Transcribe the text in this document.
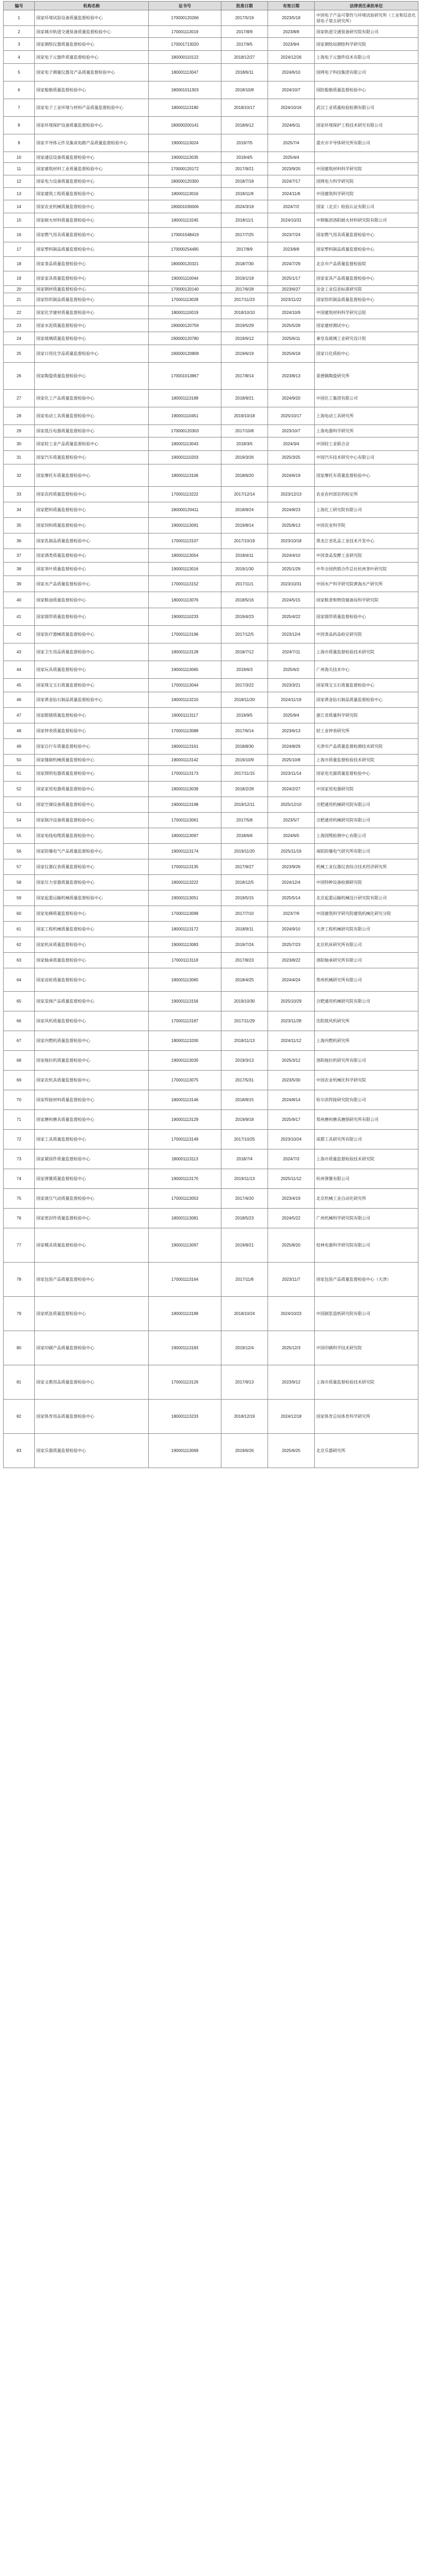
编号	机构名称	证书号	批准日期	有效日期	法律责任承担单位
1	国家环境试验设备质量监督检验中心	170000120266	2017/5/19	2023/5/18	中国电子产品可靠性与环境试验研究所（工业和信息化部电子第五研究所）
2	国家城市轨道交通装备质量监督检验中心	170001113019	2017/8/9	2023/8/8	国家轨道交通装备研究院有限公司
3	国家测绘仪器质量监督检验中心	170001713020	2017/9/5	2023/9/4	国家测绘局测绘科学研究院
4	国家电子元器件质量监督检验中心	180000110122	2018/12/27	2024/12/26	上海电子元器件技术有限公司
5	国家电子测量仪器及产品质量监督检验中心	180001113047	2018/6/11	2024/6/10	国网电子科技集团有限公司
6	国家船舶质量监督检验中心	180001011303	2018/10/8	2024/10/7	国防船舶质量监督检验中心
7	国家电子工业环境与材料产品质量监督检验中心	180001113180	2018/10/17	2024/10/16	武汉工业质量检验检测有限公司
8	国家环境保护设备质量监督检验中心	180000200141	2018/6/12	2024/6/11	国家环境保护工程技术研究有限公司
9	国家半导体元件及集成电路产品质量监督检验中心	190001113024	2019/7/5	2025/7/4	重庆市半导体研究所有限公司
10	国家通信设备质量监督检验中心	190001113035	2019/4/5	2025/4/4	
11	国家建筑材料工业质量监督检验中心	170000120172	2017/9/21	2023/9/20	中国建筑材料科学研究院
12	国家电力设备质量监督检验中心	180000120300	2018/7/18	2024/7/17	国网电力科学研究院
13	国家建筑工程质量监督检验中心	180001113016	2018/11/9	2024/11/8	中国建筑科学研究院
14	国家农业机械质量监督检验中心	180001030006	2024/3/18	2024/7/2	国家（北京）检验认证有限公司
15	国家耐火材料质量监督检验中心	180001113245	2018/11/1	2024/10/31	中钢集团洛阳耐火材料研究院有限公司
16	国家燃气用具质量监督检验中心	170001548419	2017/7/25	2023/7/24	国家燃气用具质量监督检验中心
17	国家塑料制品质量监督检验中心	170000254495	2017/8/9	2023/8/8	国家塑料制品质量监督检验中心
18	国家食品质量监督检验中心	180000120321	2018/7/30	2024/7/29	北京市产品质量监督检验院
19	国家家具质量监督检验中心	190001110044	2019/1/18	2025/1/17	国家家具产品质量监督检验中心
20	国家钢材质量监督检验中心	170000120140	2017/6/28	2023/6/27	冶金工业信息标准研究院
21	国家纺织制品质量监督检验中心	170001113028	2017/11/23	2023/11/22	国家纺织制品质量监督检验中心
22	国家化学建材质量监督检验中心	180001110019	2018/10/10	2024/10/9	中国建筑材料科学研究总院
23	国家水泥质量监督检验中心	190000120759	2019/5/29	2025/5/28	国家建材测试中心
24	国家玻璃质量监督检验中心	190000120780	2019/6/12	2025/6/11	秦皇岛玻璃工业研究设计院
25	国家日用化学品质量监督检验中心	190000120809	2019/6/19	2025/6/18	国家日化质检中心
26	国家陶瓷质量监督检验中心	170001013867	2017/8/14	2023/8/13	景德镇陶瓷研究所
27	国家化工产品质量监督检验中心	180001113189	2018/9/21	2024/9/20	中国化工集团有限公司
28	国家电动工具质量监督检验中心	190001110451	2019/10/18	2025/10/17	上海电动工具研究所
29	国家低压电器质量监督检验中心	170000120303	2017/10/8	2023/10/7	上海电器科学研究所
30	国家轻工业产品质量监督检验中心	180001113043	2018/3/5	2024/3/4	中国轻工业联合会
31	国家汽车质量监督检验中心	190001110203	2019/3/26	2025/3/25	中国汽车技术研究中心有限公司
32	国家摩托车质量监督检验中心	180001113106	2018/6/20	2024/6/19	国家摩托车质量监督检验中心
33	国家农药质量监督检验中心	170001113222	2017/12/14	2023/12/13	农业农村部农药检定所
34	国家肥料质量监督检验中心	180000120411	2018/8/24	2024/8/23	上海化工研究院有限公司
35	国家饲料质量监督检验中心	190001113091	2019/8/14	2025/8/13	中国农业科学院
36	国家乳制品质量监督检验中心	170001113107	2017/10/19	2023/10/18	黑龙江省乳品工业技术开发中心
37	国家酒类质量监督检验中心	180001113054	2018/4/11	2024/4/10	中国食品发酵工业研究院
38	国家茶叶质量监督检验中心	190001113016	2019/1/30	2025/1/29	中华全国供销合作总社杭州茶叶研究院
39	国家水产品质量监督检验中心	170001113152	2017/11/1	2023/10/31	中国水产科学研究院黄海水产研究所
40	国家粮油质量监督检验中心	180001113076	2018/5/16	2024/5/15	国家粮食和物资储备局科学研究院
41	国家烟草质量监督检验中心	190001110233	2019/4/23	2025/4/22	国家烟草质量监督检验中心
42	国家医疗器械质量监督检验中心	170001113196	2017/12/5	2023/12/4	中国食品药品检定研究院
43	国家卫生用品质量监督检验中心	180001113128	2018/7/12	2024/7/11	上海市质量监督检验技术研究院
44	国家玩具质量监督检验中心	190001113065	2019/6/3	2025/6/2	广州海关技术中心
45	国家珠宝玉石质量监督检验中心	170001113044	2017/3/22	2023/3/21	国家珠宝玉石质量监督检验中心
46	国家黄金钻石制品质量监督检验中心	180001113210	2018/11/20	2024/11/19	国家黄金钻石制品质量监督检验中心
47	国家眼镜质量监督检验中心	190001113117	2019/9/5	2025/9/4	浙江省质量科学研究院
48	国家钟表质量监督检验中心	170001113088	2017/6/14	2023/6/13	轻工业钟表研究所
49	国家自行车质量监督检验中心	180001113161	2018/8/30	2024/8/29	天津市产品质量监督检测技术研究院
50	国家缝制机械质量监督检验中心	190001113142	2019/10/9	2025/10/8	上海市质量监督检验技术研究院
51	国家照明电器质量监督检验中心	170001113173	2017/11/15	2023/11/14	国家电光源质量监督检验中心
52	国家家用电器质量监督检验中心	180001113039	2018/2/28	2024/2/27	中国家用电器研究院
53	国家空调设备质量监督检验中心	190001113198	2019/12/11	2025/12/10	合肥通用机械研究院有限公司
54	国家制冷设备质量监督检验中心	170001113061	2017/5/8	2023/5/7	合肥通用机械研究院有限公司
55	国家电线电缆质量监督检验中心	180001113097	2018/6/6	2024/6/5	上海国缆检测中心有限公司
56	国家防爆电气产品质量监督检验中心	190001113174	2019/11/20	2025/11/19	南阳防爆电气研究所有限公司
57	国家仪器仪表质量监督检验中心	170001113135	2017/9/27	2023/9/26	机械工业仪器仪表综合技术经济研究所
58	国家压力容器质量监督检验中心	180001113222	2018/12/5	2024/12/4	中国特种设备检测研究院
59	国家起重运输机械质量监督检验中心	190001113051	2019/5/15	2025/5/14	北京起重运输机械设计研究院有限公司
60	国家电梯质量监督检验中心	170001113099	2017/7/10	2023/7/9	中国建筑科学研究院建筑机械化研究分院
61	国家工程机械质量监督检验中心	180001113172	2018/9/11	2024/9/10	天津工程机械研究院有限公司
62	国家机床质量监督检验中心	190001113083	2019/7/24	2025/7/23	北京机床研究所有限公司
63	国家轴承质量监督检验中心	170001113118	2017/8/23	2023/8/22	洛阳轴承研究所有限公司
64	国家齿轮质量监督检验中心	180001113065	2018/4/25	2024/4/24	郑州机械研究所有限公司
65	国家泵阀产品质量监督检验中心	190001113156	2019/10/30	2025/10/29	合肥通用机械研究院有限公司
66	国家风机质量监督检验中心	170001113187	2017/11/29	2023/11/28	沈阳鼓风机研究所
67	国家内燃机质量监督检验中心	180001113200	2018/11/13	2024/11/12	上海内燃机研究所
68	国家拖拉机质量监督检验中心	190001113035	2019/3/13	2025/3/12	洛阳拖拉机研究所有限公司
69	国家农机具质量监督检验中心	170001113075	2017/5/31	2023/5/30	中国农业机械化科学研究院
70	国家焊接材料质量监督检验中心	180001113146	2018/8/15	2024/8/14	哈尔滨焊接研究院有限公司
71	国家磨料磨具质量监督检验中心	190001113129	2019/9/18	2025/9/17	郑州磨料磨具磨削研究所有限公司
72	国家工具质量监督检验中心	170001113149	2017/10/25	2023/10/24	成都工具研究所有限公司
73	国家紧固件质量监督检验中心	180001113113	2018/7/4	2024/7/3	上海市质量监督检验技术研究院
74	国家弹簧质量监督检验中心	190001113170	2019/11/13	2025/11/12	杭州弹簧有限公司
75	国家液压气动质量监督检验中心	170001113053	2017/4/20	2023/4/19	北京机械工业自动化研究所
76	国家密封件质量监督检验中心	180001113081	2018/5/23	2024/5/22	广州机械科学研究院有限公司
77	国家模具质量监督检验中心	190001113097	2019/8/21	2025/8/20	桂林电器科学研究院有限公司
78	国家包装产品质量监督检验中心	170001113164	2017/11/8	2023/11/7	国家包装产品质量监督检验中心（天津）
79	国家纸张质量监督检验中心	180001113189	2018/10/24	2024/10/23	中国制浆造纸研究院有限公司
80	国家印刷产品质量监督检验中心	190001113183	2019/12/4	2025/12/3	中国印刷科学技术研究院
81	国家文教用品质量监督检验中心	170001113126	2017/9/13	2023/9/12	上海市质量监督检验技术研究院
82	国家体育用品质量监督检验中心	180001113233	2018/12/19	2024/12/18	国家体育总局体育科学研究所
83	国家乐器质量监督检验中心	190001113069	2019/6/26	2025/6/25	北京乐器研究所
